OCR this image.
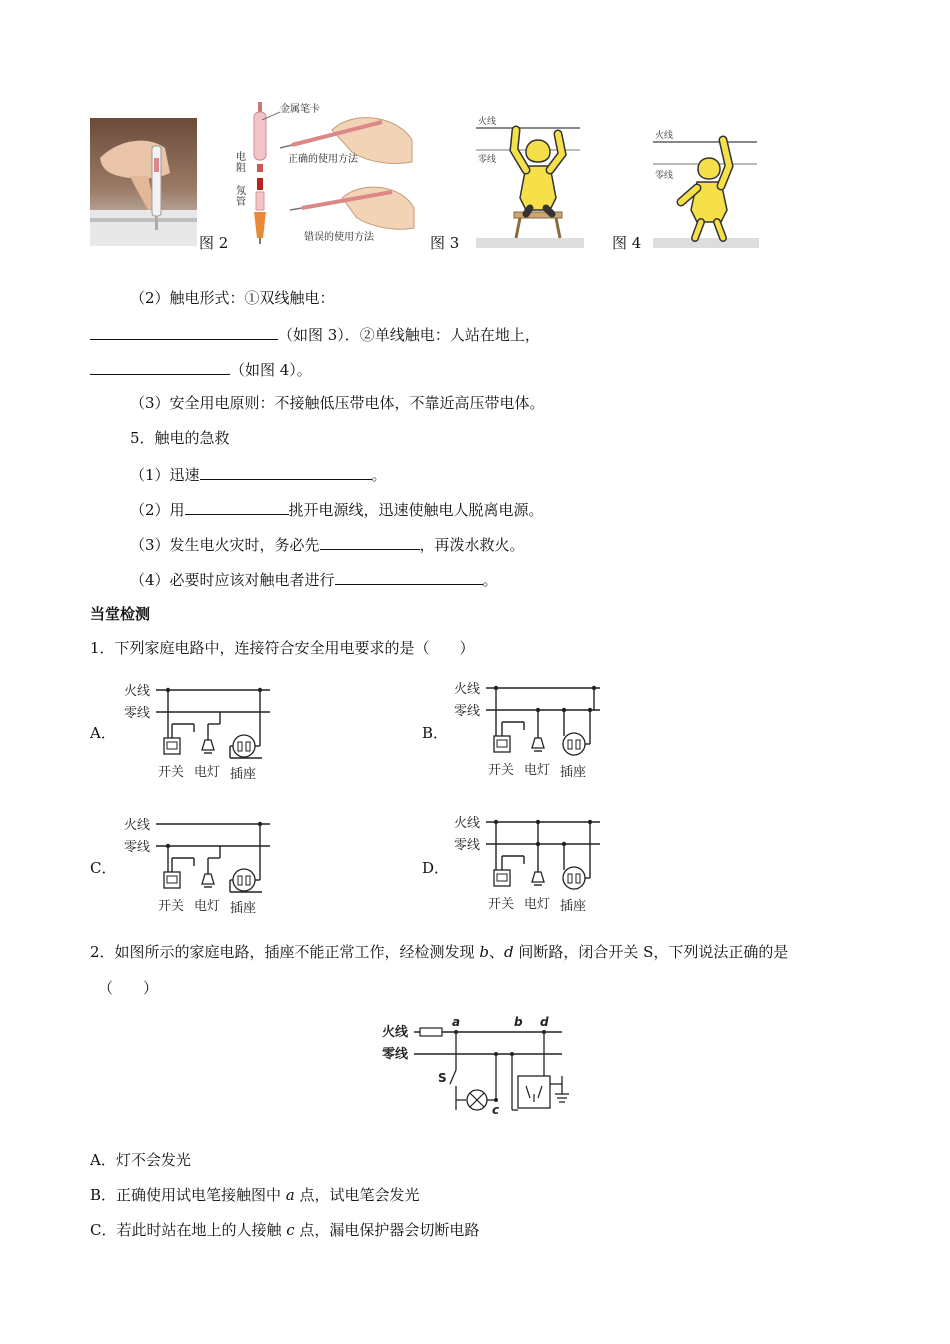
图 2
金属笔卡
正确的使用方法
错误的使用方法
电阻
氖管
火线
零线
图 3
火线
零线
图 4
（2）触电形式：①双线触电：
（如图 3）．②单线触电：人站在地上，
（如图 4）。
（3）安全用电原则：不接触低压带电体，不靠近高压带电体。
5．触电的急救
（1）迅速	。
（2）用	挑开电源线，迅速使触电人脱离电源。
（3）发生电火灾时，务必先	，再泼水救火。
（4）必要时应该对触电者进行	。
当堂检测
1．下列家庭电路中，连接符合安全用电要求的是（　　）
A．	B．
C．	D．
火线
零线
开关 电灯 插座
火线
零线
开关 电灯 插座
火线
零线
开关 电灯 插座
火线
零线
开关 电灯 插座
2．如图所示的家庭电路，插座不能正常工作，经检测发现 b、d 间断路，闭合开关 S，下列说法正确的是
（　　）
火线
零线
a	b d
S
c
A．灯不会发光
B．正确使用试电笔接触图中 a 点，试电笔会发光
C．若此时站在地上的人接触 c 点，漏电保护器会切断电路
